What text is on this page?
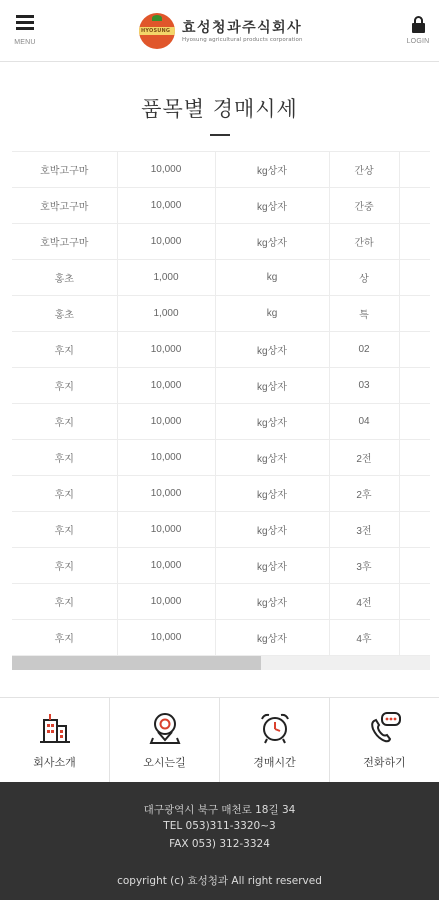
MENU
HYOSUNG 효성청과주식회사
Hyosung agricultural products corporation	LOGIN
품목별 경매시세
호박고구마	10,000	kg상자	간상	
호박고구마	10,000	kg상자	간중	
호박고구마	10,000	kg상자	간하	
홍초	1,000	kg	상	
홍초	1,000	kg	특	
후지	10,000	kg상자	02	
후지	10,000	kg상자	03	
후지	10,000	kg상자	04	
후지	10,000	kg상자	2전	
후지	10,000	kg상자	2후	
후지	10,000	kg상자	3전	
후지	10,000	kg상자	3후	
후지	10,000	kg상자	4전	
후지	10,000	kg상자	4후	
회사소개	오시는길	경매시간	전화하기
대구광역시 북구 매천로 18길 34
TEL 053)311-3320~3
FAX 053) 312-3324
copyright (c) 효성청과 All right reserved
